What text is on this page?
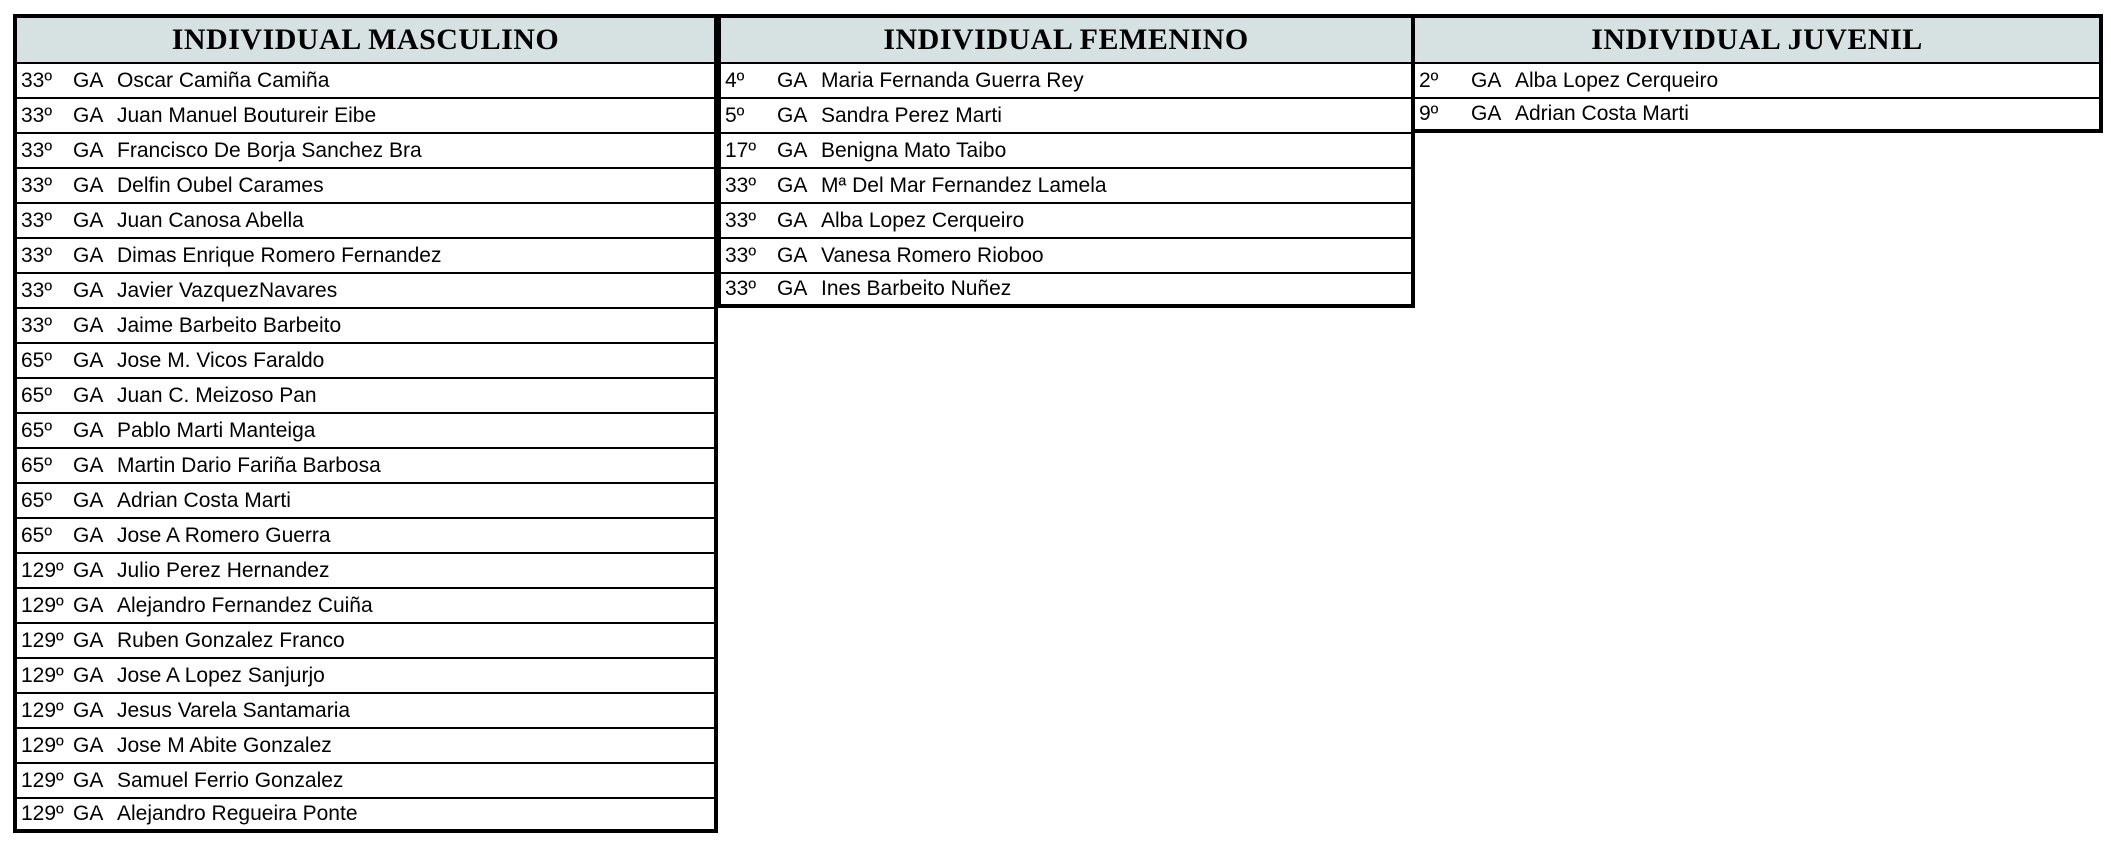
INDIVIDUAL MASCULINO
33º GA Oscar Camiña Camiña
33º GA Juan Manuel Boutureir Eibe
33º GA Francisco De Borja Sanchez Bra
33º GA Delfin Oubel Carames
33º GA Juan Canosa Abella
33º GA Dimas Enrique Romero Fernandez
33º GA Javier VazquezNavares
33º GA Jaime Barbeito Barbeito
65º GA Jose M. Vicos Faraldo
65º GA Juan C. Meizoso Pan
65º GA Pablo Marti Manteiga
65º GA Martin Dario Fariña Barbosa
65º GA Adrian Costa Marti
65º GA Jose A Romero Guerra
129º GA Julio Perez Hernandez
129º GA Alejandro Fernandez Cuiña
129º GA Ruben Gonzalez Franco
129º GA Jose A Lopez Sanjurjo
129º GA Jesus Varela Santamaria
129º GA Jose M Abite Gonzalez
129º GA Samuel Ferrio Gonzalez
129º GA Alejandro Regueira Ponte
INDIVIDUAL FEMENINO
4º	GA Maria Fernanda Guerra Rey
5º	GA Sandra Perez Marti
17º GA Benigna Mato Taibo
33º GA Mª Del Mar Fernandez Lamela
33º GA Alba Lopez Cerqueiro
33º GA Vanesa Romero Rioboo
33º GA Ines Barbeito Nuñez
INDIVIDUAL JUVENIL
2º	GA Alba Lopez Cerqueiro
9º	GA Adrian Costa Marti
